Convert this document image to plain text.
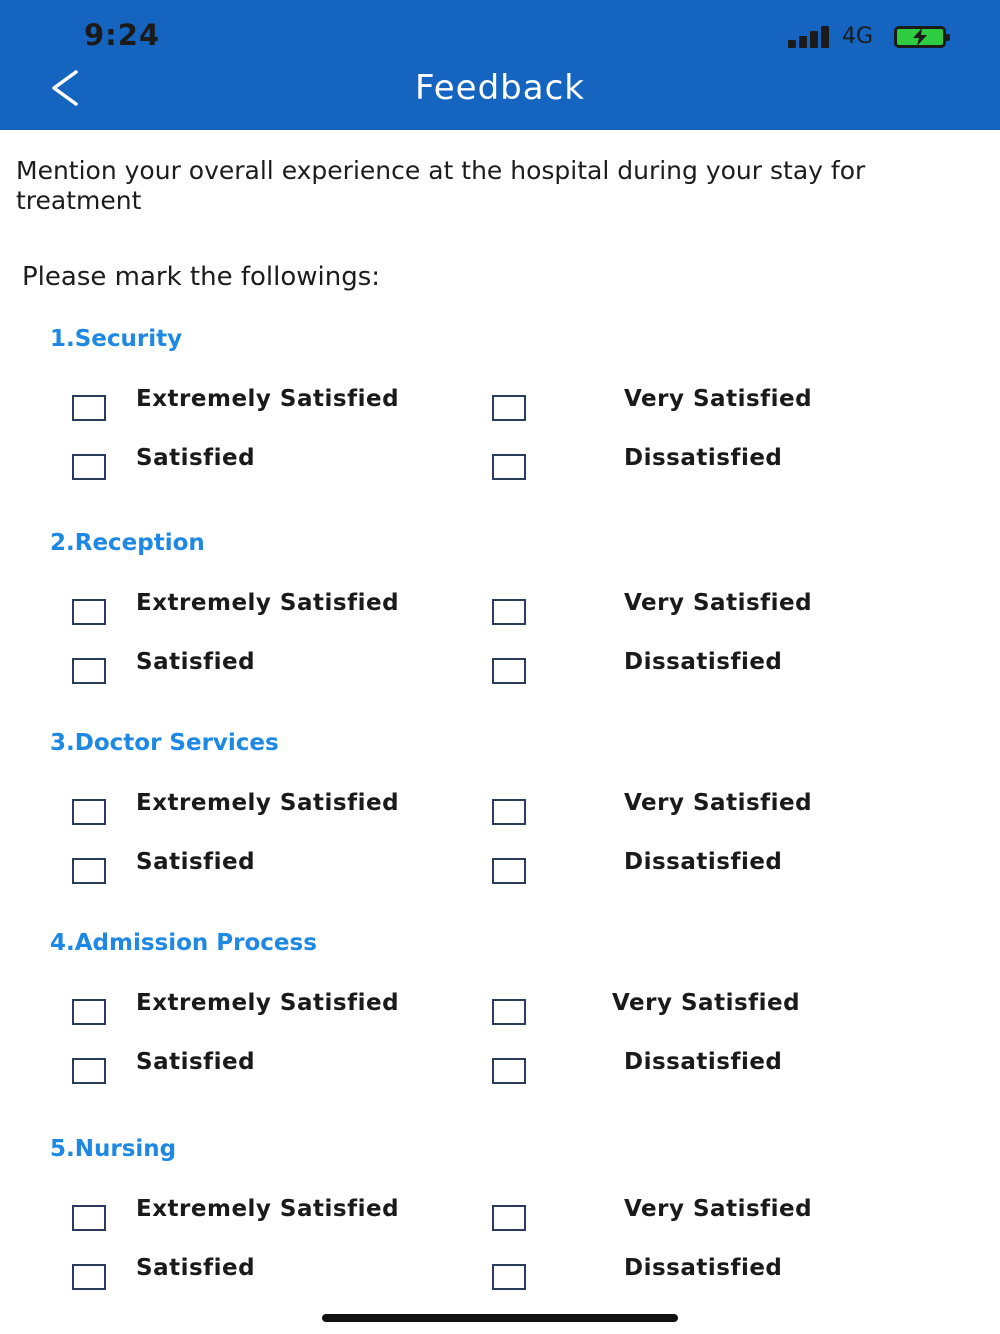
9:24	4G
Feedback
Mention your overall experience at the hospital during your stay for treatment
Please mark the followings:
1.Security
Extremely Satisfied	Very Satisfied
Satisfied	Dissatisfied
2.Reception
Extremely Satisfied	Very Satisfied
Satisfied	Dissatisfied
3.Doctor Services
Extremely Satisfied	Very Satisfied
Satisfied	Dissatisfied
4.Admission Process
Extremely Satisfied	Very Satisfied
Satisfied	Dissatisfied
5.Nursing
Extremely Satisfied	Very Satisfied
Satisfied	Dissatisfied
